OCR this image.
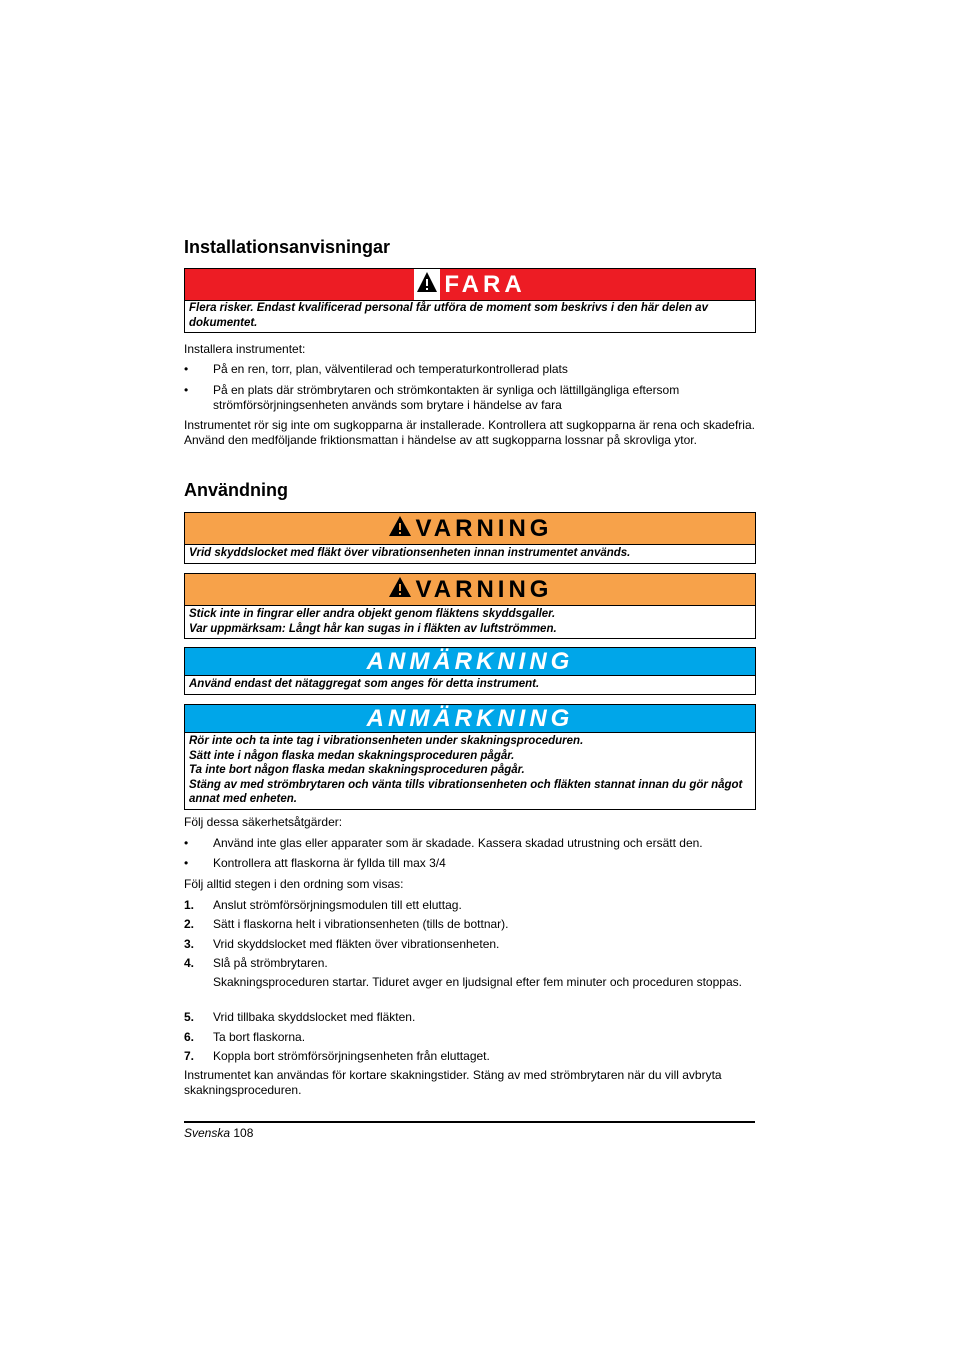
Installationsanvisningar
FARA
Flera risker. Endast kvalificerad personal får utföra de moment som beskrivs i den här delen av dokumentet.
Installera instrumentet:
• På en ren, torr, plan, välventilerad och temperaturkontrollerad plats
• På en plats där strömbrytaren och strömkontakten är synliga och lättillgängliga eftersom strömförsörjningsenheten används som brytare i händelse av fara
Instrumentet rör sig inte om sugkopparna är installerade. Kontrollera att sugkopparna är rena och skadefria. Använd den medföljande friktionsmattan i händelse av att sugkopparna lossnar på skrovliga ytor.
Användning
VARNING
Vrid skyddslocket med fläkt över vibrationsenheten innan instrumentet används.
VARNING
Stick inte in fingrar eller andra objekt genom fläktens skyddsgaller.
Var uppmärksam: Långt hår kan sugas in i fläkten av luftströmmen.
ANMÄRKNING
Använd endast det nätaggregat som anges för detta instrument.
ANMÄRKNING
Rör inte och ta inte tag i vibrationsenheten under skakningsproceduren.
Sätt inte i någon flaska medan skakningsproceduren pågår.
Ta inte bort någon flaska medan skakningsproceduren pågår.
Stäng av med strömbrytaren och vänta tills vibrationsenheten och fläkten stannat innan du gör något annat med enheten.
Följ dessa säkerhetsåtgärder:
• Använd inte glas eller apparater som är skadade. Kassera skadad utrustning och ersätt den.
• Kontrollera att flaskorna är fyllda till max 3/4
Följ alltid stegen i den ordning som visas:
1. Anslut strömförsörjningsmodulen till ett eluttag.
2. Sätt i flaskorna helt i vibrationsenheten (tills de bottnar).
3. Vrid skyddslocket med fläkten över vibrationsenheten.
4. Slå på strömbrytaren.
Skakningsproceduren startar. Tiduret avger en ljudsignal efter fem minuter och proceduren stoppas.
5. Vrid tillbaka skyddslocket med fläkten.
6. Ta bort flaskorna.
7. Koppla bort strömförsörjningsenheten från eluttaget.
Instrumentet kan användas för kortare skakningstider. Stäng av med strömbrytaren när du vill avbryta skakningsproceduren.
Svenska 108
